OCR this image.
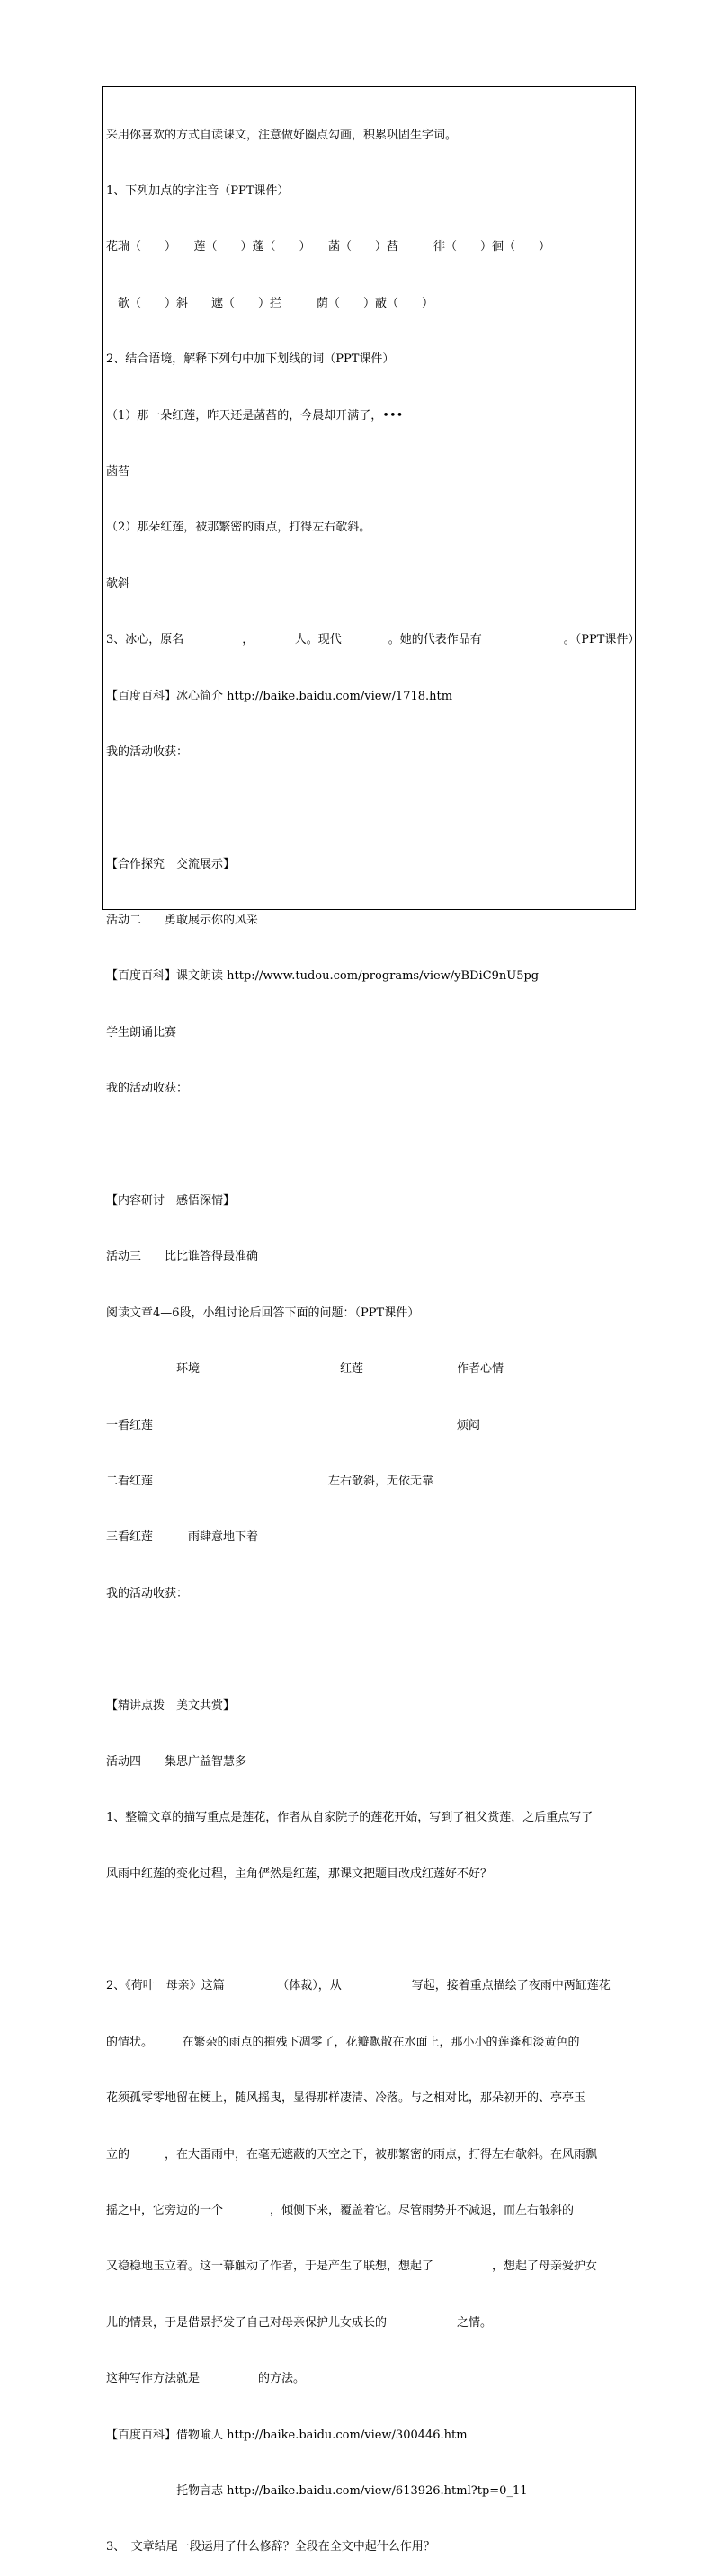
采用你喜欢的方式自读课文，注意做好圈点勾画，积累巩固生字词。

1、下列加点的字注音（PPT课件）

花瑞（　　）　　莲（　　）蓬（　　）　　菡（　　）萏　　　徘（　　）徊（　　）

　欹（　　）斜　　遮（　　）拦　　　荫（　　）蔽（　　）

2、结合语境，解释下列句中加下划线的词（PPT课件）

（1）那一朵红莲，昨天还是菡萏的，今晨却开满了，•••

菡萏

（2）那朵红莲，被那繁密的雨点，打得左右欹斜。

欹斜

3、冰心，原名　　　　　，　　　　人。现代　　　　。她的代表作品有　　　　　　　。（PPT课件）

【百度百科】冰心简介 http://baike.baidu.com/view/1718.htm

我的活动收获：

【合作探究　交流展示】

活动二　　勇敢展示你的风采

【百度百科】课文朗读 http://www.tudou.com/programs/view/yBDiC9nU5pg

学生朗诵比赛

我的活动收获：

【内容研讨　感悟深情】

活动三　　比比谁答得最准确

阅读文章4—6段，小组讨论后回答下面的问题：（PPT课件）

　　　　　　环境　　　　　　　　　　　　红莲　　　　　　　　作者心情

一看红莲　　　　　　　　　　　　　　　　　　　　　　　　　　烦闷

二看红莲　　　　　　　　　　　　　　　左右欹斜，无依无靠

三看红莲　　　雨肆意地下着

我的活动收获：

【精讲点拨　美文共赏】

活动四　　集思广益智慧多

1、整篇文章的描写重点是莲花，作者从自家院子的莲花开始，写到了祖父赏莲，之后重点写了

风雨中红莲的变化过程，主角俨然是红莲，那课文把题目改成红莲好不好？

2、《荷叶　母亲》这篇　　　　　（体裁），从　　　　　　写起，接着重点描绘了夜雨中两缸莲花

的情状。　　　在繁杂的雨点的摧残下凋零了，花瓣飘散在水面上，那小小的莲蓬和淡黄色的

花须孤零零地留在梗上，随风摇曳，显得那样凄清、冷落。与之相对比，那朵初开的、亭亭玉

立的　　　，在大雷雨中，在毫无遮蔽的天空之下，被那繁密的雨点，打得左右欹斜。在风雨飘

摇之中，它旁边的一个　　　　，倾侧下来，覆盖着它。尽管雨势并不减退，而左右攲斜的

又稳稳地玉立着。这一幕触动了作者，于是产生了联想，想起了　　　　　，想起了母亲爱护女

儿的情景，于是借景抒发了自己对母亲保护儿女成长的　　　　　　之情。

这种写作方法就是　　　　　的方法。

【百度百科】借物喻人 http://baike.baidu.com/view/300446.htm

　　　　　　托物言志 http://baike.baidu.com/view/613926.html?tp=0_11

3、　文章结尾一段运用了什么修辞？全段在全文中起什么作用？
